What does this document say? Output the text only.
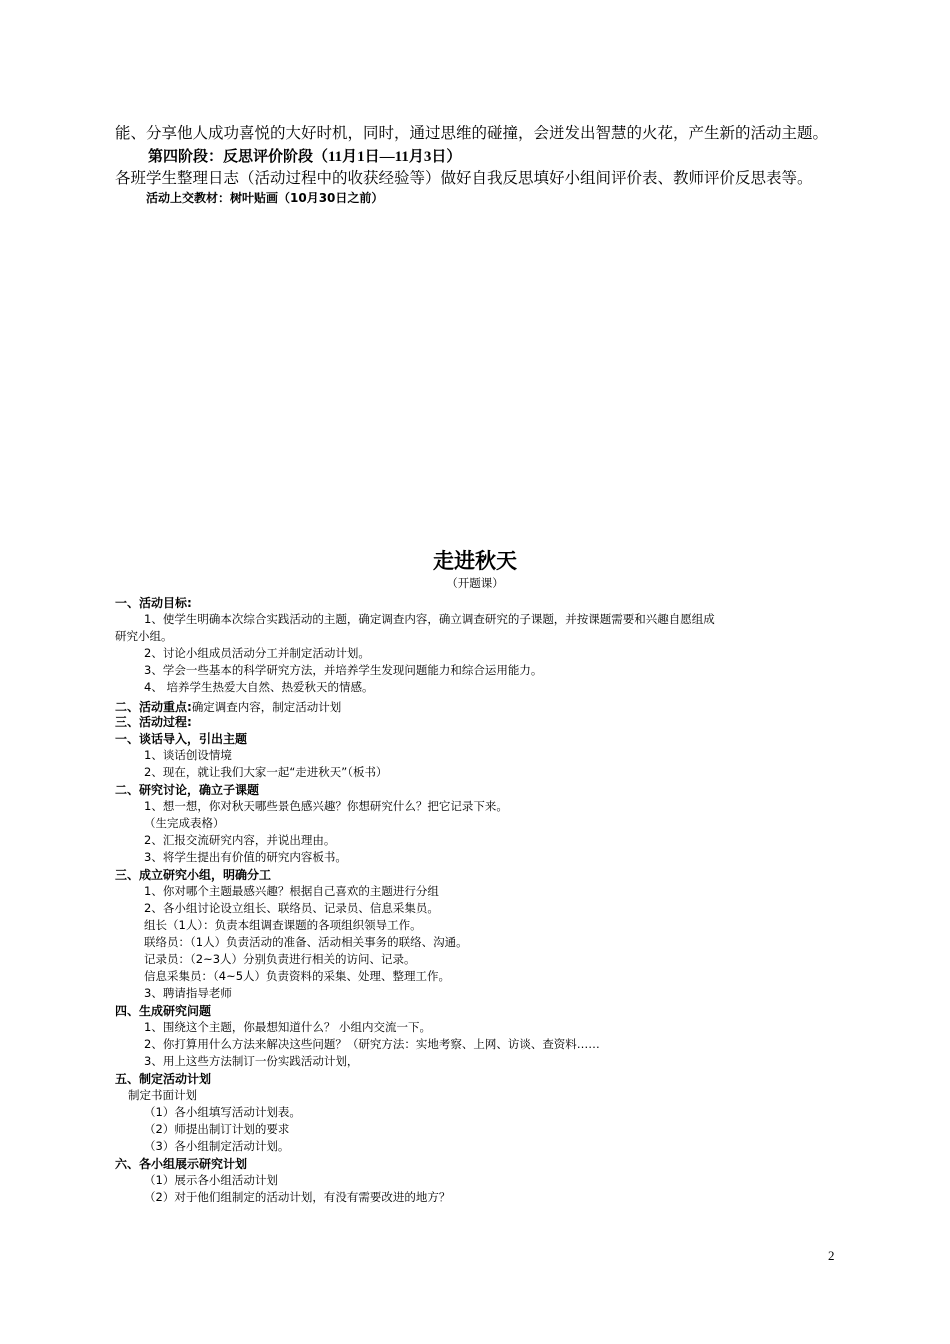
能、分享他人成功喜悦的大好时机，同时，通过思维的碰撞，会迸发出智慧的火花，产生新的活动主题。
第四阶段：反思评价阶段（11月1日—11月3日）
各班学生整理日志（活动过程中的收获经验等）做好自我反思填好小组间评价表、教师评价反思表等。
活动上交教材：树叶贴画（10月30日之前）
走进秋天
（开题课）
一、活动目标:
1、使学生明确本次综合实践活动的主题，确定调查内容，确立调查研究的子课题，并按课题需要和兴趣自愿组成
研究小组。
2、讨论小组成员活动分工并制定活动计划。
3、学会一些基本的科学研究方法，并培养学生发现问题能力和综合运用能力。
4、 培养学生热爱大自然、热爱秋天的情感。
二、活动重点:确定调查内容，制定活动计划
三、活动过程:
一、谈话导入，引出主题
1、谈话创设情境
2、现在，就让我们大家一起“走进秋天”（板书）
二、研究讨论，确立子课题
1、想一想，你对秋天哪些景色感兴趣？你想研究什么？把它记录下来。
（生完成表格）
2、汇报交流研究内容，并说出理由。
3、将学生提出有价值的研究内容板书。
三、成立研究小组，明确分工
1、你对哪个主题最感兴趣？根据自己喜欢的主题进行分组
2、各小组讨论设立组长、联络员、记录员、信息采集员。
组长（1人）：负责本组调查课题的各项组织领导工作。
联络员：（1人）负责活动的准备、活动相关事务的联络、沟通。
记录员：（2~3人）分别负责进行相关的访问、记录。
信息采集员：（4~5人）负责资料的采集、处理、整理工作。
3、聘请指导老师
四、生成研究问题
1、围绕这个主题，你最想知道什么？ 小组内交流一下。
2、你打算用什么方法来解决这些问题？（研究方法：实地考察、上网、访谈、查资料……
3、用上这些方法制订一份实践活动计划，
五、制定活动计划
制定书面计划
（1）各小组填写活动计划表。
（2）师提出制订计划的要求
（3）各小组制定活动计划。
六、各小组展示研究计划
（1）展示各小组活动计划
（2）对于他们组制定的活动计划，有没有需要改进的地方？
2
